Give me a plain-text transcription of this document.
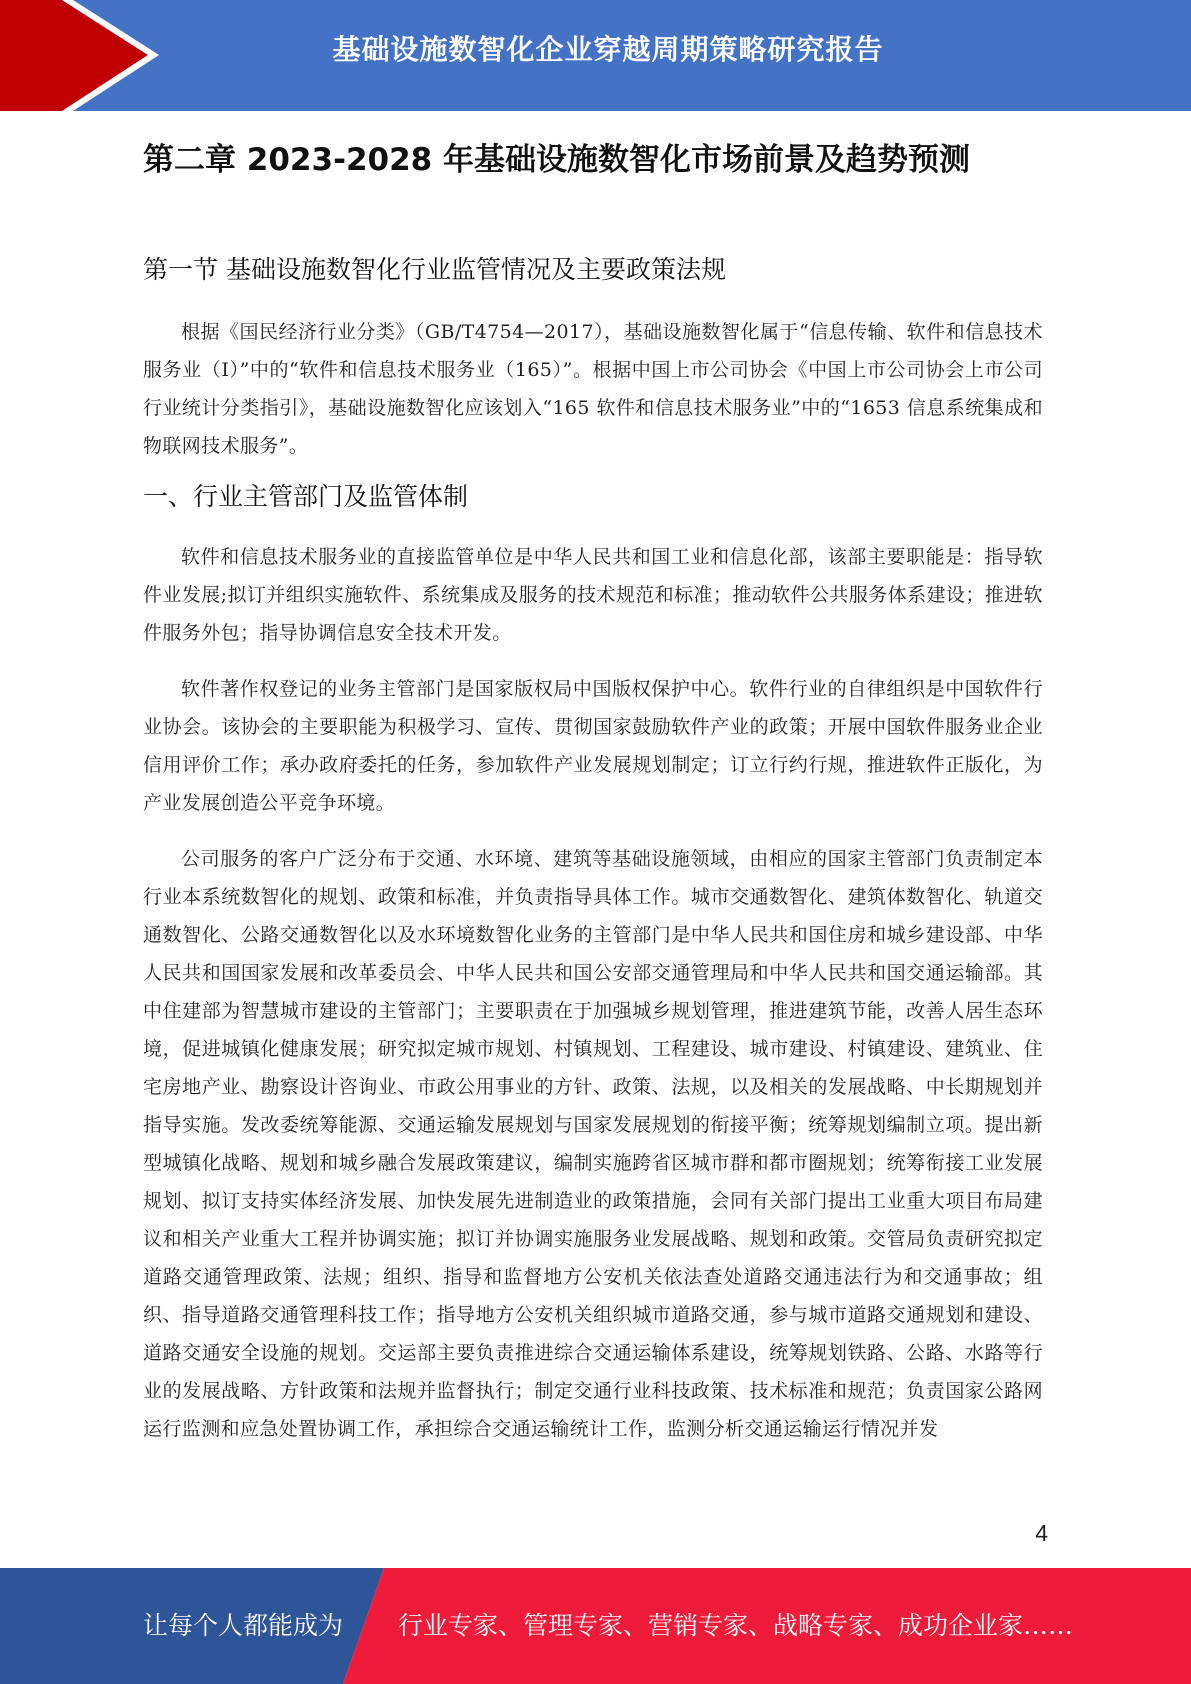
基础设施数智化企业穿越周期策略研究报告
第二章 2023-2028 年基础设施数智化市场前景及趋势预测
第一节 基础设施数智化行业监管情况及主要政策法规

根据《国民经济行业分类》（GB/T4754—2017），基础设施数智化属于“信息传输、软件和信息技术服务业（I）”中的“软件和信息技术服务业（165）”。根据中国上市公司协会《中国上市公司协会上市公司行业统计分类指引》，基础设施数智化应该划入“165 软件和信息技术服务业”中的“1653 信息系统集成和物联网技术服务”。

一、行业主管部门及监管体制

软件和信息技术服务业的直接监管单位是中华人民共和国工业和信息化部，该部主要职能是：指导软件业发展;拟订并组织实施软件、系统集成及服务的技术规范和标准；推动软件公共服务体系建设；推进软件服务外包；指导协调信息安全技术开发。

软件著作权登记的业务主管部门是国家版权局中国版权保护中心。软件行业的自律组织是中国软件行业协会。该协会的主要职能为积极学习、宣传、贯彻国家鼓励软件产业的政策；开展中国软件服务业企业信用评价工作；承办政府委托的任务，参加软件产业发展规划制定；订立行约行规，推进软件正版化，为产业发展创造公平竞争环境。

公司服务的客户广泛分布于交通、水环境、建筑等基础设施领域，由相应的国家主管部门负责制定本行业本系统数智化的规划、政策和标准，并负责指导具体工作。城市交通数智化、建筑体数智化、轨道交通数智化、公路交通数智化以及水环境数智化业务的主管部门是中华人民共和国住房和城乡建设部、中华人民共和国国家发展和改革委员会、中华人民共和国公安部交通管理局和中华人民共和国交通运输部。其中住建部为智慧城市建设的主管部门；主要职责在于加强城乡规划管理，推进建筑节能，改善人居生态环境，促进城镇化健康发展；研究拟定城市规划、村镇规划、工程建设、城市建设、村镇建设、建筑业、住宅房地产业、勘察设计咨询业、市政公用事业的方针、政策、法规，以及相关的发展战略、中长期规划并指导实施。发改委统筹能源、交通运输发展规划与国家发展规划的衔接平衡；统筹规划编制立项。提出新型城镇化战略、规划和城乡融合发展政策建议，编制实施跨省区城市群和都市圈规划；统筹衔接工业发展规划、拟订支持实体经济发展、加快发展先进制造业的政策措施，会同有关部门提出工业重大项目布局建议和相关产业重大工程并协调实施；拟订并协调实施服务业发展战略、规划和政策。交管局负责研究拟定道路交通管理政策、法规；组织、指导和监督地方公安机关依法查处道路交通违法行为和交通事故；组织、指导道路交通管理科技工作；指导地方公安机关组织城市道路交通，参与城市道路交通规划和建设、道路交通安全设施的规划。交运部主要负责推进综合交通运输体系建设，统筹规划铁路、公路、水路等行业的发展战略、方针政策和法规并监督执行；制定交通行业科技政策、技术标准和规范；负责国家公路网运行监测和应急处置协调工作，承担综合交通运输统计工作，监测分析交通运输运行情况并发

4
让每个人都能成为 行业专家、管理专家、营销专家、战略专家、成功企业家……
